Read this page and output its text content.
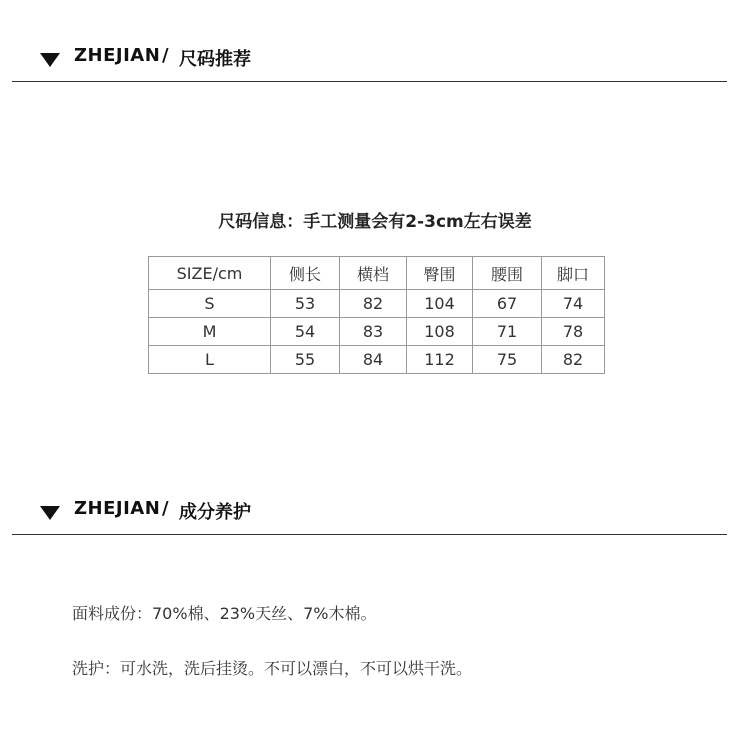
ZHEJIAN / 尺码推荐
尺码信息：手工测量会有2-3cm左右误差
SIZE/cm	侧长	横档	臀围	腰围	脚口
S	53	82	104	67	74
M	54	83	108	71	78
L	55	84	112	75	82
ZHEJIAN / 成分养护
面料成份：70%棉、23%天丝、7%木棉。
洗护：可水洗，洗后挂烫。不可以漂白，不可以烘干洗。
